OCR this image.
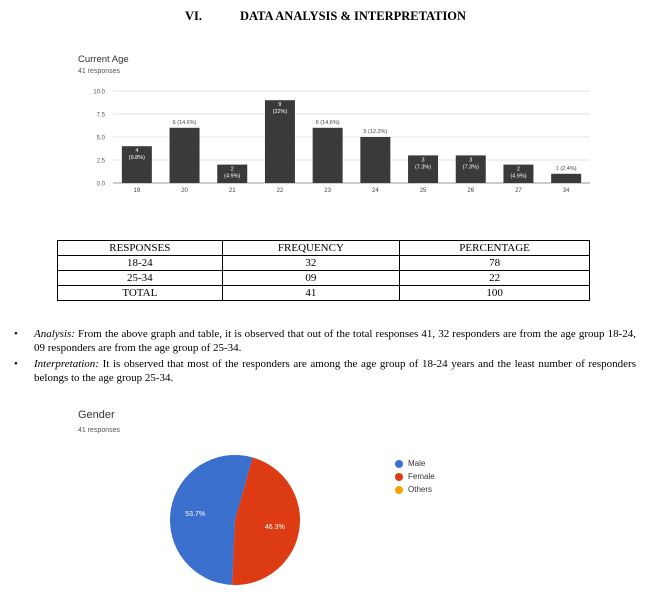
VI.	DATA ANALYSIS & INTERPRETATION
Current Age
41 responses
0.0
2.5
5.0
7.5
10.0
19
4
(9.8%)
20
6 (14.6%)
21
2
(4.9%)
22
9
(22%)
23
6 (14.6%)
24
5 (12.2%)
25
3
(7.3%)
26
3
(7.3%)
27
2
(4.9%)
34
1 (2.4%)
RESPONSES	FREQUENCY	PERCENTAGE
18-24	32	78
25-34	09	22
TOTAL	41	100
• Analysis: From the above graph and table, it is observed that out of the total responses 41, 32 responders are from the age group 18-24, 09 responders are from the age group of 25-34.
• Interpretation: It is observed that most of the responders are among the age group of 18-24 years and the least number of responders belongs to the age group 25-34.
Gender
41 responses
53.7%
46.3%
Male
Female
Others
